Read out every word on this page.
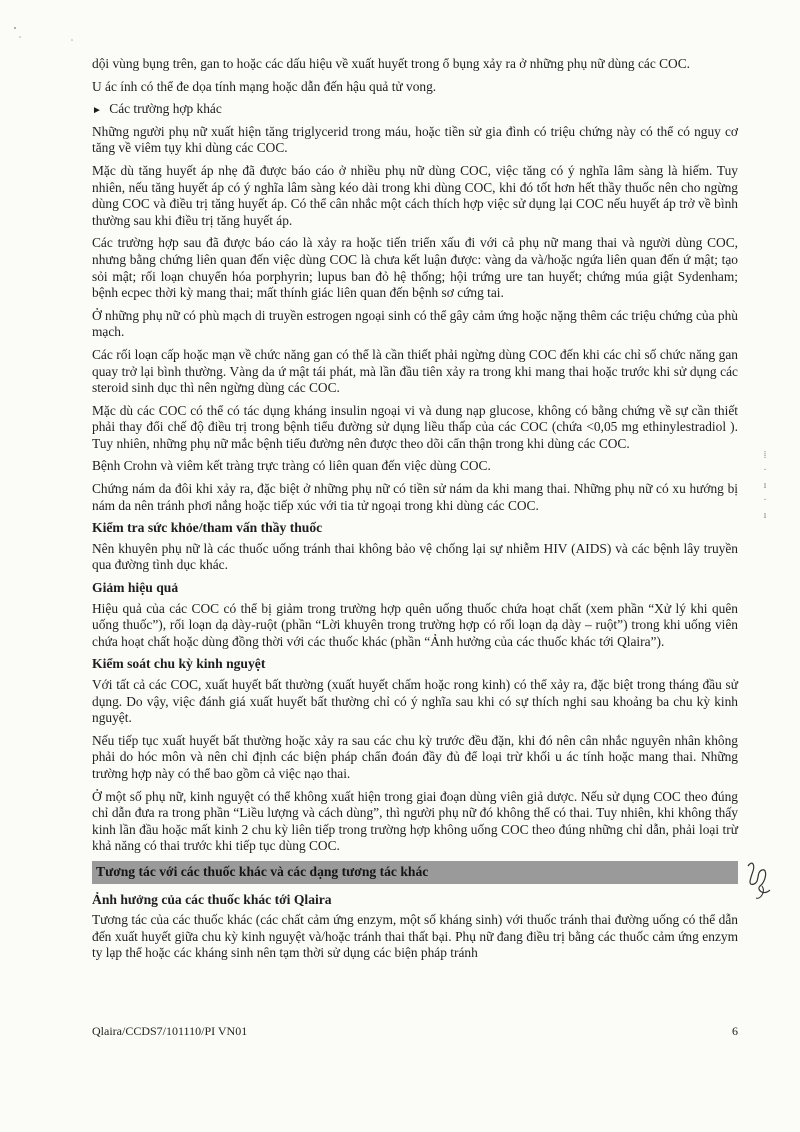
dội vùng bụng trên, gan to hoặc các dấu hiệu về xuất huyết trong ổ bụng xảy ra ở những phụ nữ dùng các COC.

U ác ính có thể đe dọa tính mạng hoặc dẫn đến hậu quả tử vong.

► Các trường hợp khác

Những người phụ nữ xuất hiện tăng triglycerid trong máu, hoặc tiền sử gia đình có triệu chứng này có thể có nguy cơ tăng về viêm tụy khi dùng các COC.

Mặc dù tăng huyết áp nhẹ đã được báo cáo ở nhiều phụ nữ dùng COC, việc tăng có ý nghĩa lâm sàng là hiếm. Tuy nhiên, nếu tăng huyết áp có ý nghĩa lâm sàng kéo dài trong khi dùng COC, khi đó tốt hơn hết thầy thuốc nên cho ngừng dùng COC và điều trị tăng huyết áp. Có thể cân nhắc một cách thích hợp việc sử dụng lại COC nếu huyết áp trở về bình thường sau khi điều trị tăng huyết áp.

Các trường hợp sau đã được báo cáo là xảy ra hoặc tiến triển xấu đi với cả phụ nữ mang thai và người dùng COC, nhưng bằng chứng liên quan đến việc dùng COC là chưa kết luận được: vàng da và/hoặc ngứa liên quan đến ứ mật; tạo sỏi mật; rối loạn chuyển hóa porphyrin; lupus ban đỏ hệ thống; hội trứng ure tan huyết; chứng múa giật Sydenham; bệnh ecpec thời kỳ mang thai; mất thính giác liên quan đến bệnh sơ cứng tai.

Ở những phụ nữ có phù mạch di truyền estrogen ngoại sinh có thể gây cảm ứng hoặc nặng thêm các triệu chứng của phù mạch.

Các rối loạn cấp hoặc mạn về chức năng gan có thể là cần thiết phải ngừng dùng COC đến khi các chỉ số chức năng gan quay trở lại bình thường. Vàng da ứ mật tái phát, mà lần đầu tiên xảy ra trong khi mang thai hoặc trước khi sử dụng các steroid sinh dục thì nên ngừng dùng các COC.

Mặc dù các COC có thể có tác dụng kháng insulin ngoại vi và dung nạp glucose, không có bằng chứng về sự cần thiết phải thay đổi chế độ điều trị trong bệnh tiểu đường sử dụng liều thấp của các COC (chứa <0,05 mg ethinylestradiol ). Tuy nhiên, những phụ nữ mắc bệnh tiểu đường nên được theo dõi cẩn thận trong khi dùng các COC.

Bệnh Crohn và viêm kết tràng trực tràng có liên quan đến việc dùng COC.

Chứng nám da đôi khi xảy ra, đặc biệt ở những phụ nữ có tiền sử nám da khi mang thai. Những phụ nữ có xu hướng bị nám da nên tránh phơi nắng hoặc tiếp xúc với tia tử ngoại trong khi dùng các COC.

Kiểm tra sức khỏe/tham vấn thầy thuốc

Nên khuyên phụ nữ là các thuốc uống tránh thai không bảo vệ chống lại sự nhiễm HIV (AIDS) và các bệnh lây truyền qua đường tình dục khác.

Giảm hiệu quả

Hiệu quả của các COC có thể bị giảm trong trường hợp quên uống thuốc chứa hoạt chất (xem phần “Xử lý khi quên uống thuốc”), rối loạn dạ dày-ruột (phần “Lời khuyên trong trường hợp có rối loạn dạ dày – ruột”) trong khi uống viên chứa hoạt chất hoặc dùng đồng thời với các thuốc khác (phần “Ảnh hưởng của các thuốc khác tới Qlaira”).

Kiểm soát chu kỳ kinh nguyệt

Với tất cả các COC, xuất huyết bất thường (xuất huyết chấm hoặc rong kinh) có thể xảy ra, đặc biệt trong tháng đầu sử dụng. Do vậy, việc đánh giá xuất huyết bất thường chỉ có ý nghĩa sau khi có sự thích nghi sau khoảng ba chu kỳ kinh nguyệt.

Nếu tiếp tục xuất huyết bất thường hoặc xảy ra sau các chu kỳ trước đều đặn, khi đó nên cân nhắc nguyên nhân không phải do hóc môn và nên chỉ định các biện pháp chẩn đoán đầy đủ để loại trừ khối u ác tính hoặc mang thai. Những trường hợp này có thể bao gồm cả việc nạo thai.

Ở một số phụ nữ, kinh nguyệt có thể không xuất hiện trong giai đoạn dùng viên giả dược. Nếu sử dụng COC theo đúng chỉ dẫn đưa ra trong phần “Liều lượng và cách dùng”, thì người phụ nữ đó không thể có thai. Tuy nhiên, khi không thấy kinh lần đầu hoặc mất kinh 2 chu kỳ liên tiếp trong trường hợp không uống COC theo đúng những chỉ dẫn, phải loại trừ khả năng có thai trước khi tiếp tục dùng COC.

Tương tác với các thuốc khác và các dạng tương tác khác
Ảnh hưởng của các thuốc khác tới Qlaira

Tương tác của các thuốc khác (các chất cảm ứng enzym, một số kháng sinh) với thuốc tránh thai đường uống có thể dẫn đến xuất huyết giữa chu kỳ kinh nguyệt và/hoặc tránh thai thất bại. Phụ nữ đang điều trị bằng các thuốc cảm ứng enzym ty lạp thể hoặc các kháng sinh nên tạm thời sử dụng các biện pháp tránh

⁞
·
ı
·
ı
Qlaira/CCDS7/101110/PI VN01	6
